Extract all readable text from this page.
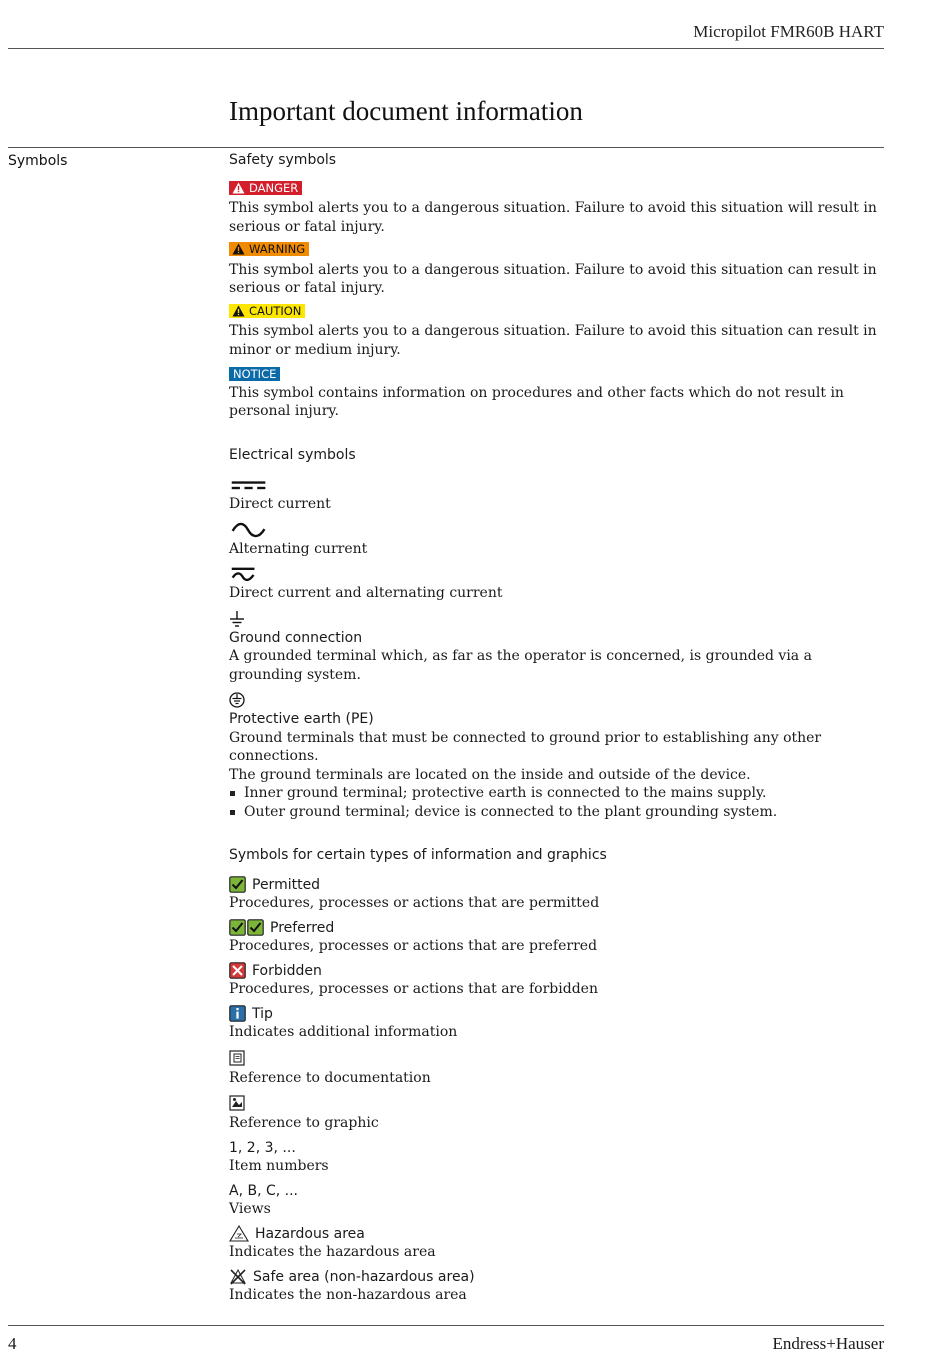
Micropilot FMR60B HART
Important document information
Symbols	Safety symbols
DANGER

This symbol alerts you to a dangerous situation. Failure to avoid this situation will result in serious or fatal injury.

WARNING

This symbol alerts you to a dangerous situation. Failure to avoid this situation can result in serious or fatal injury.

CAUTION

This symbol alerts you to a dangerous situation. Failure to avoid this situation can result in minor or medium injury.

NOTICE

This symbol contains information on procedures and other facts which do not result in personal injury.

Electrical symbols

Direct current

Alternating current

Direct current and alternating current

Ground connection

A grounded terminal which, as far as the operator is concerned, is grounded via a grounding system.

Protective earth (PE)

Ground terminals that must be connected to ground prior to establishing any other connections.

The ground terminals are located on the inside and outside of the device.

Inner ground terminal; protective earth is connected to the mains supply.
Outer ground terminal; device is connected to the plant grounding system.
Symbols for certain types of information and graphics
Permitted

Procedures, processes or actions that are permitted

Preferred

Procedures, processes or actions that are preferred

Forbidden

Procedures, processes or actions that are forbidden

Tip

Indicates additional information

Reference to documentation

Reference to graphic

1, 2, 3, ...

Item numbers

A, B, C, ...

Views

Hazardous area

Indicates the hazardous area

Safe area (non-hazardous area)

Indicates the non-hazardous area

4	Endress+Hauser
